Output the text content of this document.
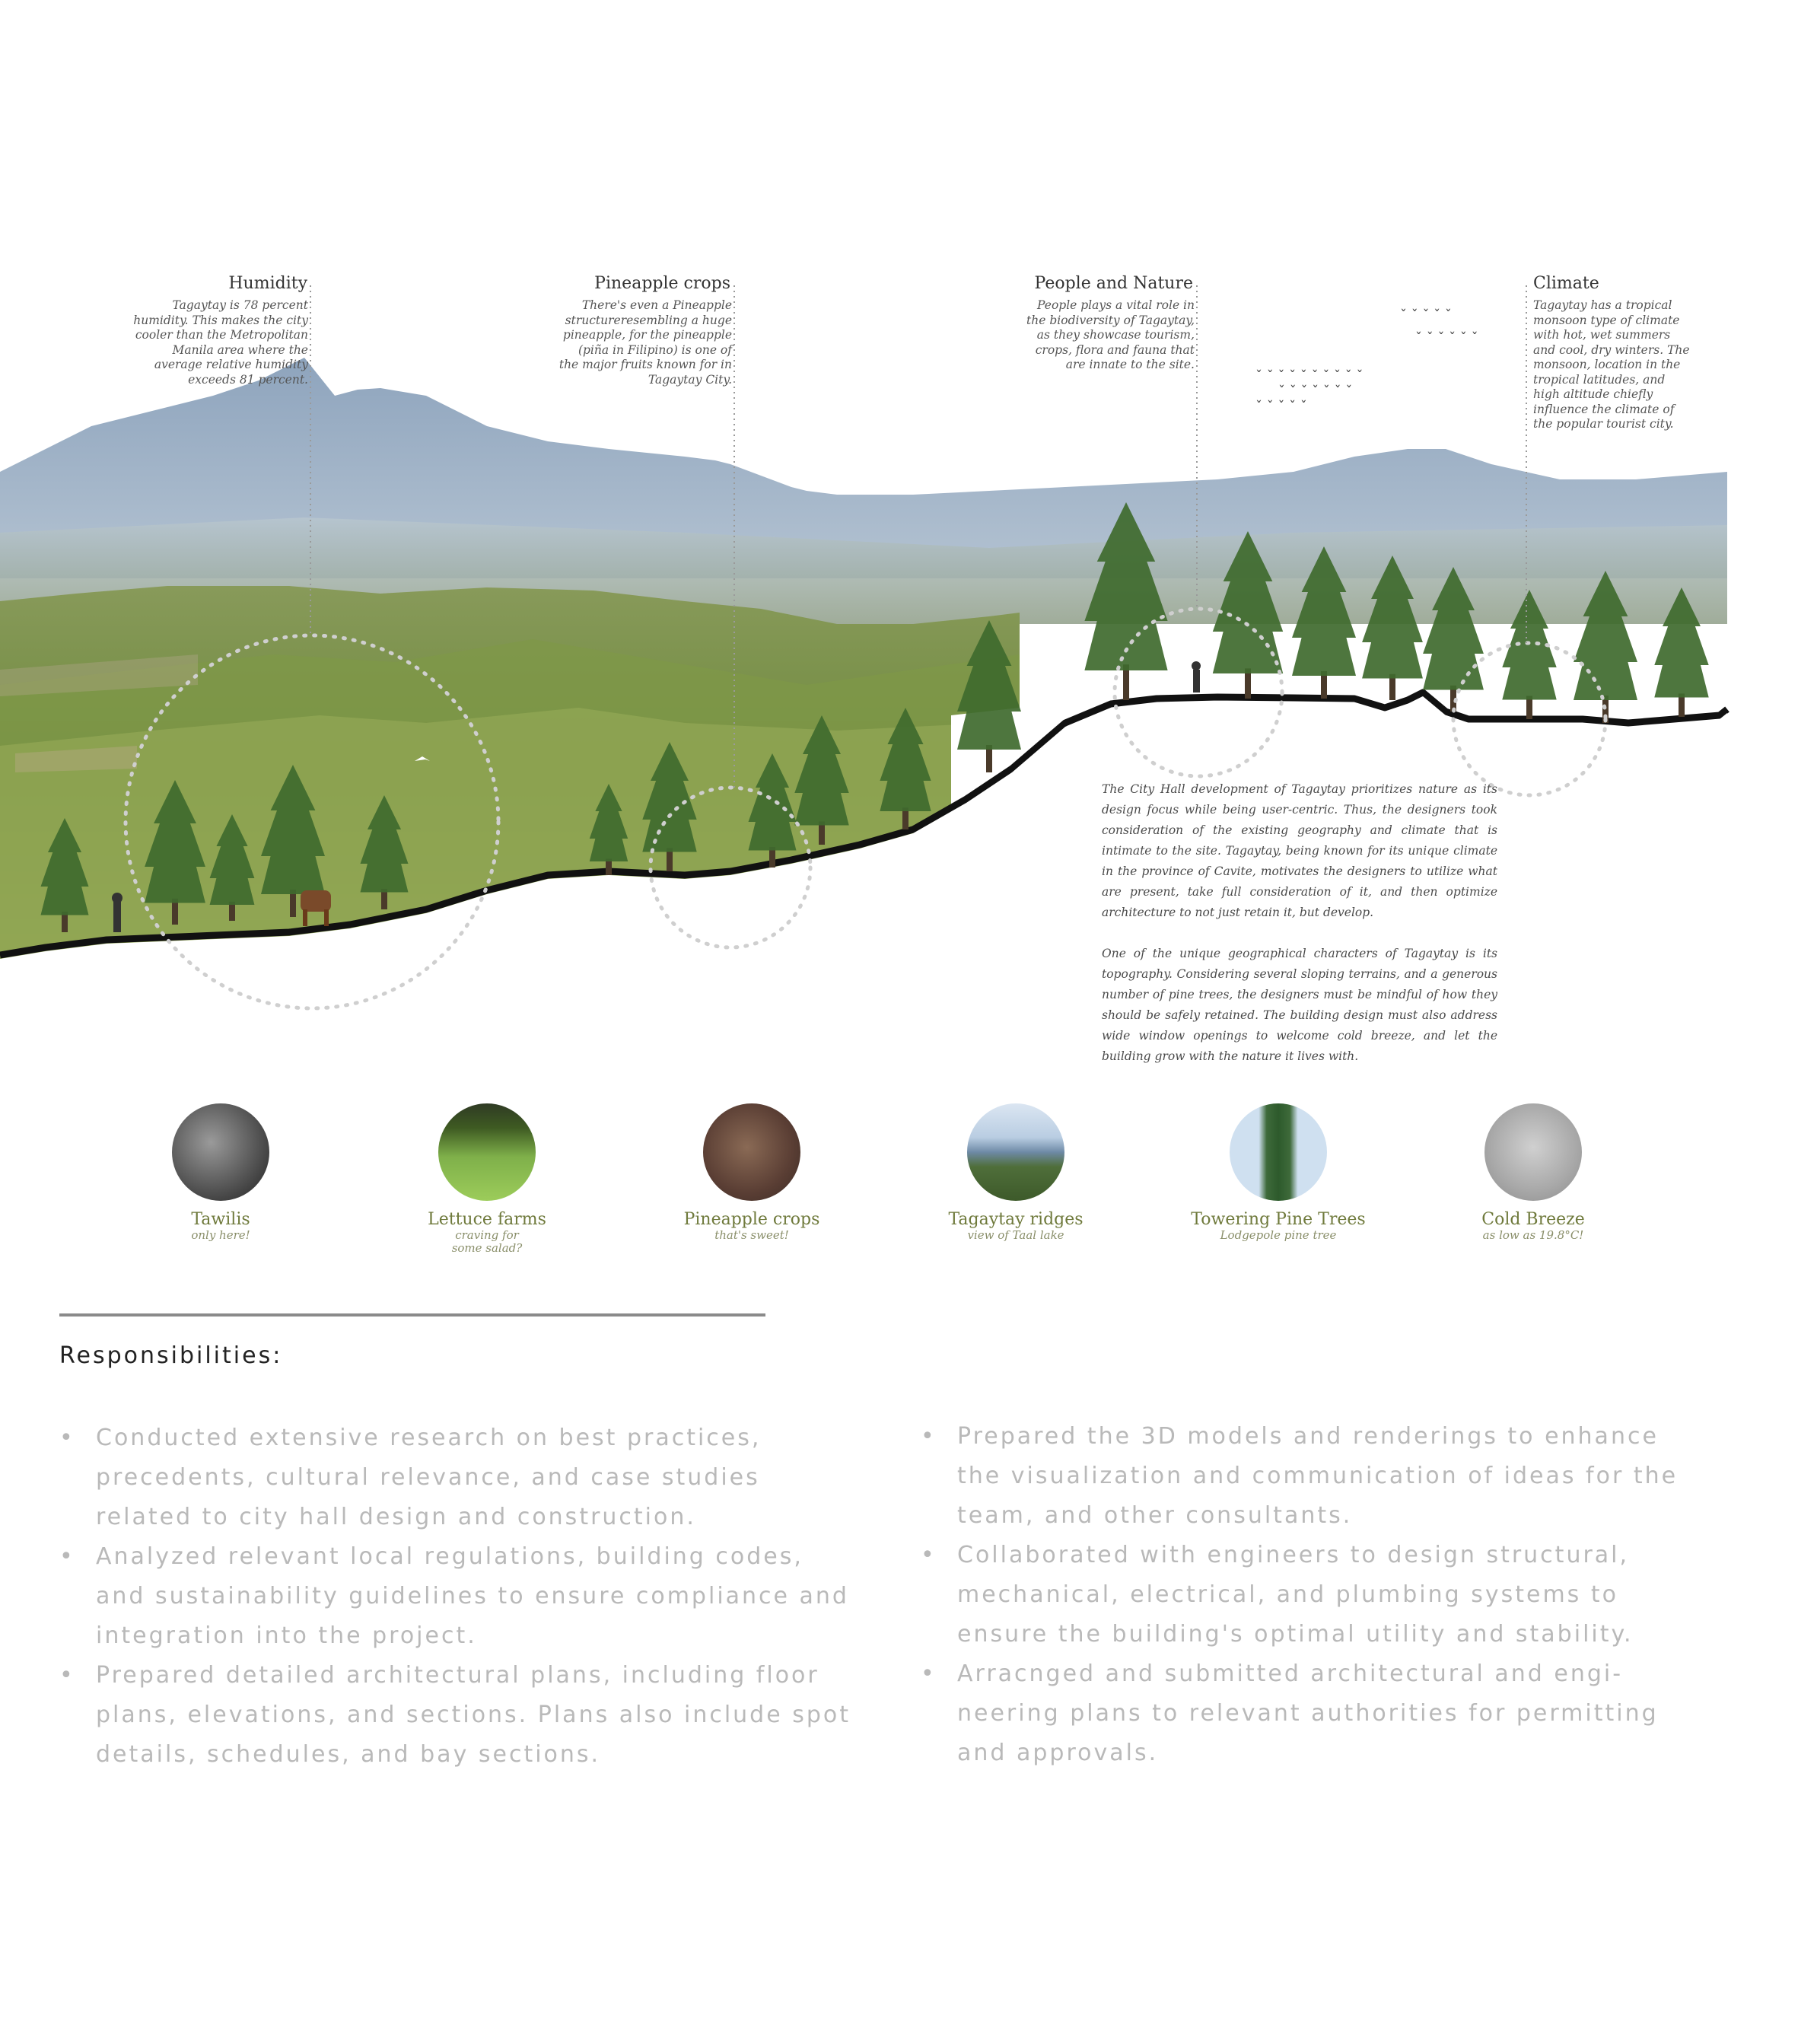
ˇ ˇ ˇ ˇ ˇ ˇ ˇ ˇ ˇ ˇ
ˇ ˇ ˇ ˇ ˇ ˇ ˇ
ˇ ˇ ˇ ˇ ˇ
ˇ ˇ ˇ ˇ ˇ ˇ
ˇ ˇ ˇ ˇ ˇ
Humidity
Tagaytay is 78 percent humidity. This makes the city cooler than the Metropolitan Manila area where the average relative humidity exceeds 81 percent.
Pineapple crops
There's even a Pineapple structureresembling a huge pineapple, for the pineapple (piña in Filipino) is one of the major fruits known for in Tagaytay City.
People and Nature
People plays a vital role in the biodiversity of Tagaytay, as they showcase tourism, crops, flora and fauna that are innate to the site.
Climate
Tagaytay has a tropical monsoon type of climate with hot, wet summers and cool, dry winters. The monsoon, location in the tropical latitudes, and high altitude chiefly influence the climate of the popular tourist city.

The City Hall development of Tagaytay prioritizes nature as its design focus while being user-centric. Thus, the designers took consideration of the existing geography and climate that is intimate to the site. Tagaytay, being known for its unique climate in the province of Cavite, motivates the designers to utilize what are present, take full consideration of it, and then optimize architecture to not just retain it, but develop.

One of the unique geographical characters of Tagaytay is its topography. Considering several sloping terrains, and a generous number of pine trees, the designers must be mindful of how they should be safely retained. The building design must also address wide window openings to welcome cold breeze, and let the building grow with the nature it lives with.

Tawilis
only here!
Lettuce farms
craving for some salad?
Pineapple crops
that's sweet!
Tagaytay ridges
view of Taal lake
Towering Pine Trees
Lodgepole pine tree
Cold Breeze
as low as 19.8°C!
Responsibilities:
• Conducted extensive research on best practices, precedents, cultural relevance, and case studies related to city hall design and construction.
• Analyzed relevant local regulations, building codes, and sustainability guidelines to ensure compliance and integration into the project.
• Prepared detailed architectural plans, including floor plans, elevations, and sections. Plans also include spot details, schedules, and bay sections.
• Prepared the 3D models and renderings to enhance the visualization and communication of ideas for the team, and other consultants.
• Collaborated with engineers to design structural, mechanical, electrical, and plumbing systems to ensure the building's optimal utility and stability.
• Arracnged and submitted architectural and engi-neering plans to relevant authorities for permitting and approvals.
